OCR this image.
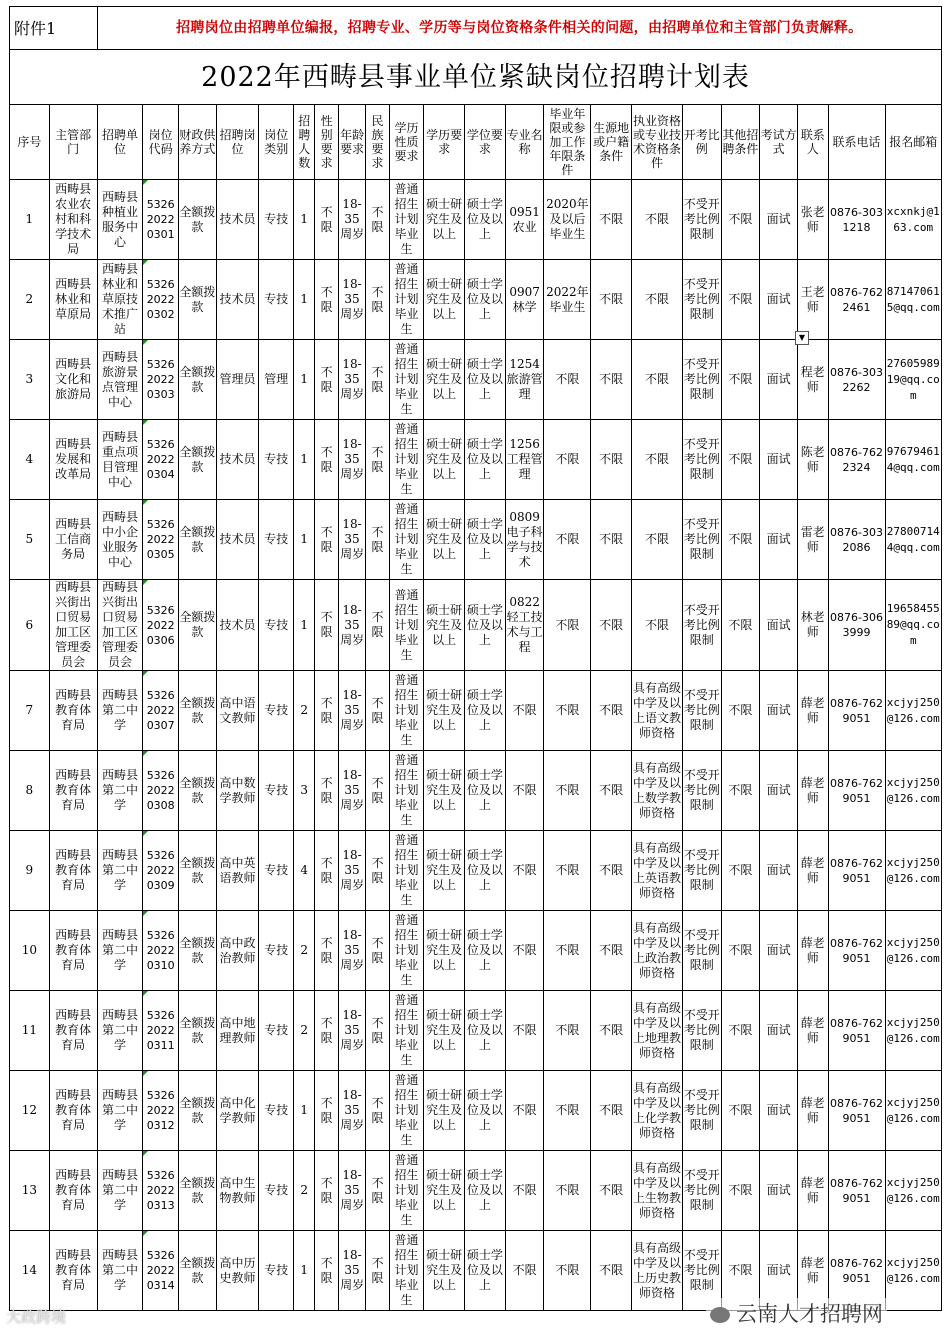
附件1		招聘岗位由招聘单位编报，招聘专业、学历等与岗位资格条件相关的问题，由招聘单位和主管部门负责解释。																					
2022年西畴县事业单位紧缺岗位招聘计划表																							
序号	主管部门	招聘单位	岗位代码	财政供养方式	招聘岗位	岗位类别	招聘人数	性别要求	年龄要求	民族要求	学历性质要求	学历要求	学位要求	专业名称	毕业年限或参加工作年限条件	生源地或户籍条件	执业资格或专业技术资格条件	开考比例	其他招聘条件	考试方式	联系人	联系电话	报名邮箱
1	西畴县农业农村和科学技术局	西畴县种植业服务中心	53262022 0301	全额拨款	技术员	专技	1	不限	18-35周岁	不限	普通招生计划毕业生	硕士研究生及以上	硕士学位及以上	0951农业	2020年及以后毕业生	不限	不限	不受开考比例限制	不限	面试	张老师	0876-3031218	xcxnkj@163.com
2	西畴县林业和草原局	西畴县林业和草原技术推广站	53262022 0302	全额拨款	技术员	专技	1	不限	18-35周岁	不限	普通招生计划毕业生	硕士研究生及以上	硕士学位及以上	0907林学	2022年毕业生	不限	不限	不受开考比例限制	不限	面试	王老师	0876-7622461	871470615@qq.com
3	西畴县文化和旅游局	西畴县旅游景点管理中心	53262022 0303	全额拨款	管理员	管理	1	不限	18-35周岁	不限	普通招生计划毕业生	硕士研究生及以上	硕士学位及以上	1254旅游管理	不限	不限	不限	不受开考比例限制	不限	面试	程老师	0876-3032262	2760598919@qq.com
4	西畴县发展和改革局	西畴县重点项目管理中心	53262022 0304	全额拨款	技术员	专技	1	不限	18-35周岁	不限	普通招生计划毕业生	硕士研究生及以上	硕士学位及以上	1256工程管理	不限	不限	不限	不受开考比例限制	不限	面试	陈老师	0876-7622324	976794614@qq.com
5	西畴县工信商务局	西畴县中小企业服务中心	53262022 0305	全额拨款	技术员	专技	1	不限	18-35周岁	不限	普通招生计划毕业生	硕士研究生及以上	硕士学位及以上	0809电子科学与技术	不限	不限	不限	不受开考比例限制	不限	面试	雷老师	0876-3032086	278007144@qq.com
6	西畴县兴街出口贸易加工区管理委员会	西畴县兴街出口贸易加工区管理委员会	53262022 0306	全额拨款	技术员	专技	1	不限	18-35周岁	不限	普通招生计划毕业生	硕士研究生及以上	硕士学位及以上	0822轻工技术与工程	不限	不限	不限	不受开考比例限制	不限	面试	林老师	0876-3063999	1965845589@qq.com
7	西畴县教育体育局	西畴县第二中学	53262022 0307	全额拨款	高中语文教师	专技	2	不限	18-35周岁	不限	普通招生计划毕业生	硕士研究生及以上	硕士学位及以上	不限	不限	不限	具有高级中学及以上语文教师资格	不受开考比例限制	不限	面试	薛老师	0876-7629051	xcjyj250@126.com
8	西畴县教育体育局	西畴县第二中学	53262022 0308	全额拨款	高中数学教师	专技	3	不限	18-35周岁	不限	普通招生计划毕业生	硕士研究生及以上	硕士学位及以上	不限	不限	不限	具有高级中学及以上数学教师资格	不受开考比例限制	不限	面试	薛老师	0876-7629051	xcjyj250@126.com
9	西畴县教育体育局	西畴县第二中学	53262022 0309	全额拨款	高中英语教师	专技	4	不限	18-35周岁	不限	普通招生计划毕业生	硕士研究生及以上	硕士学位及以上	不限	不限	不限	具有高级中学及以上英语教师资格	不受开考比例限制	不限	面试	薛老师	0876-7629051	xcjyj250@126.com
10	西畴县教育体育局	西畴县第二中学	53262022 0310	全额拨款	高中政治教师	专技	2	不限	18-35周岁	不限	普通招生计划毕业生	硕士研究生及以上	硕士学位及以上	不限	不限	不限	具有高级中学及以上政治教师资格	不受开考比例限制	不限	面试	薛老师	0876-7629051	xcjyj250@126.com
11	西畴县教育体育局	西畴县第二中学	53262022 0311	全额拨款	高中地理教师	专技	2	不限	18-35周岁	不限	普通招生计划毕业生	硕士研究生及以上	硕士学位及以上	不限	不限	不限	具有高级中学及以上地理教师资格	不受开考比例限制	不限	面试	薛老师	0876-7629051	xcjyj250@126.com
12	西畴县教育体育局	西畴县第二中学	53262022 0312	全额拨款	高中化学教师	专技	1	不限	18-35周岁	不限	普通招生计划毕业生	硕士研究生及以上	硕士学位及以上	不限	不限	不限	具有高级中学及以上化学教师资格	不受开考比例限制	不限	面试	薛老师	0876-7629051	xcjyj250@126.com
13	西畴县教育体育局	西畴县第二中学	53262022 0313	全额拨款	高中生物教师	专技	2	不限	18-35周岁	不限	普通招生计划毕业生	硕士研究生及以上	硕士学位及以上	不限	不限	不限	具有高级中学及以上生物教师资格	不受开考比例限制	不限	面试	薛老师	0876-7629051	xcjyj250@126.com
14	西畴县教育体育局	西畴县第二中学	53262022 0314	全额拨款	高中历史教师	专技	1	不限	18-35周岁	不限	普通招生计划毕业生	硕士研究生及以上	硕士学位及以上	不限	不限	不限	具有高级中学及以上历史教师资格	不受开考比例限制	不限	面试	薛老师	0876-7629051	xcjyj250@126.com
▼
大政跨境	云南人才招聘网
